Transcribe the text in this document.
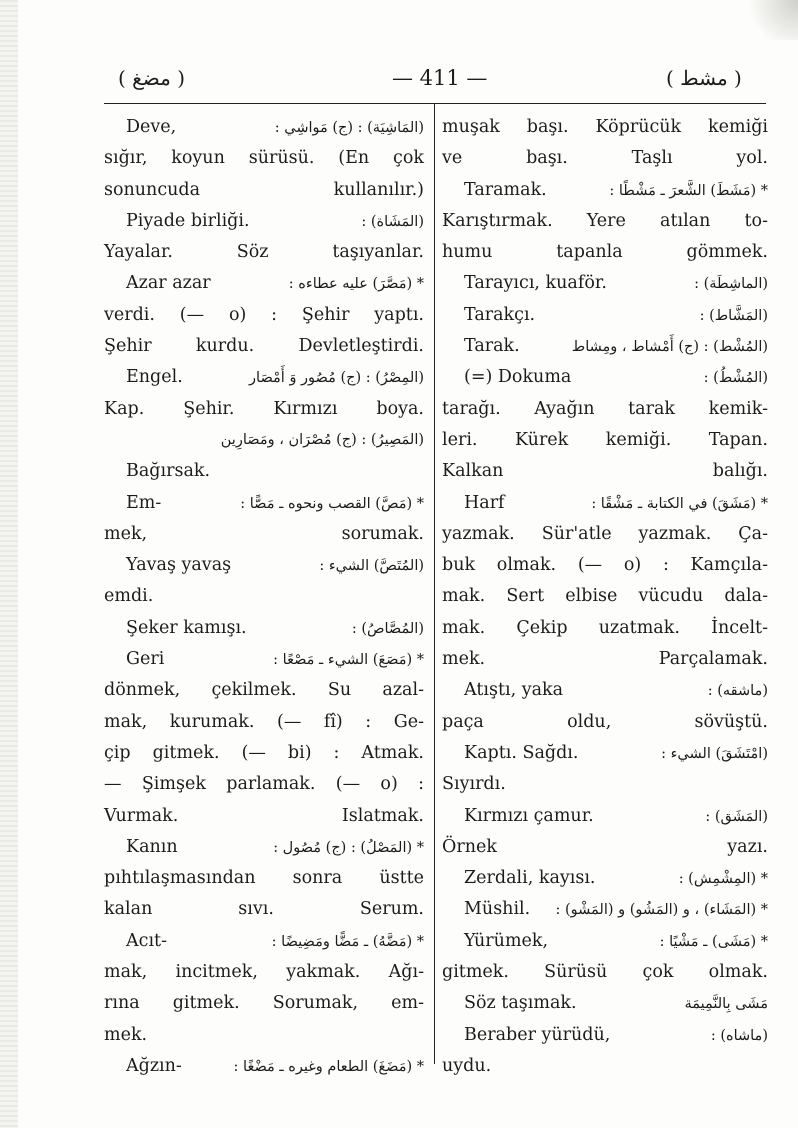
( مضغ )	— 411 —	( مشط )
Deve,	(المَاشِيَة) : (ج) مَواشِي :
sığır, koyun sürüsü. (En çok
sonuncuda kullanılır.)
Piyade birliği.	(المَشَاة) :
Yayalar. Söz taşıyanlar.
Azar azar	* (مَصَّرَ) عليه عطاءه :
verdi. (— o) : Şehir yaptı.
Şehir kurdu. Devletleştirdi.
Engel.	(المِصْرُ) : (ج) مُصُور وَ أَمْصَار
Kap. Şehir. Kırmızı boya.
(المَصِيرُ) : (ج) مُصْرَان ، ومَصَارِين
Bağırsak.
Em-	* (مَصَّ) القصب ونحوه ـ مَصًّا :
mek, sorumak.
Yavaş yavaş	(المُتَصَّ) الشيء :
emdi.
Şeker kamışı.	(المُصَّاصُ) :
Geri	* (مَصَعَ) الشيء ـ مَصْعًا :
dönmek, çekilmek. Su azal-
mak, kurumak. (— fî) : Ge-
çip gitmek. (— bi) : Atmak.
— Şimşek parlamak. (— o) :
Vurmak. Islatmak.
Kanın	* (المَصْلُ) : (ج) مُصُول :
pıhtılaşmasından sonra üstte
kalan sıvı. Serum.
Acıt-	* (مَضَّهُ) ـ مَضًّا ومَضِيضًا :
mak, incitmek, yakmak. Ağı-
rına gitmek. Sorumak, em-
mek.
Ağzın-	* (مَضَغَ) الطعام وغيره ـ مَضْغًا :
muşak başı. Köprücük kemiği
ve başı. Taşlı yol.
Taramak.	* (مَشَطَ) الشَّعرَ ـ مَشْطًا :
Karıştırmak. Yere atılan to-
humu tapanla gömmek.
Tarayıcı, kuaför.	(الماشِطَة) :
Tarakçı.	(المَشَّاط) :
Tarak.	(المُشْط) : (ج) أَمْشاط ، ومِشاط
(=) Dokuma	(المُشْطُ) :
tarağı. Ayağın tarak kemik-
leri. Kürek kemiği. Tapan.
Kalkan balığı.
Harf	* (مَشَقَ) في الكتابة ـ مَشْقًا :
yazmak. Sür'atle yazmak. Ça-
buk olmak. (— o) : Kamçıla-
mak. Sert elbise vücudu dala-
mak. Çekip uzatmak. İncelt-
mek. Parçalamak.
Atıştı, yaka	(ماشقه) :
paça oldu, sövüştü.
Kaptı. Sağdı.	(امْتَشَقَ) الشيء :
Sıyırdı.
Kırmızı çamur.	(المَشَق) :
Örnek yazı.
Zerdali, kayısı.	* (المِشْمِش) :
Müshil.	* (المَشَاء) ، و (المَشُو) و (المَشْو) :
Yürümek,	* (مَشَى) ـ مَشْيًا :
gitmek. Sürüsü çok olmak.
Söz taşımak.	مَشَى بِالنَّمِيمَة
Beraber yürüdü,	(ماشاه) :
uydu.
